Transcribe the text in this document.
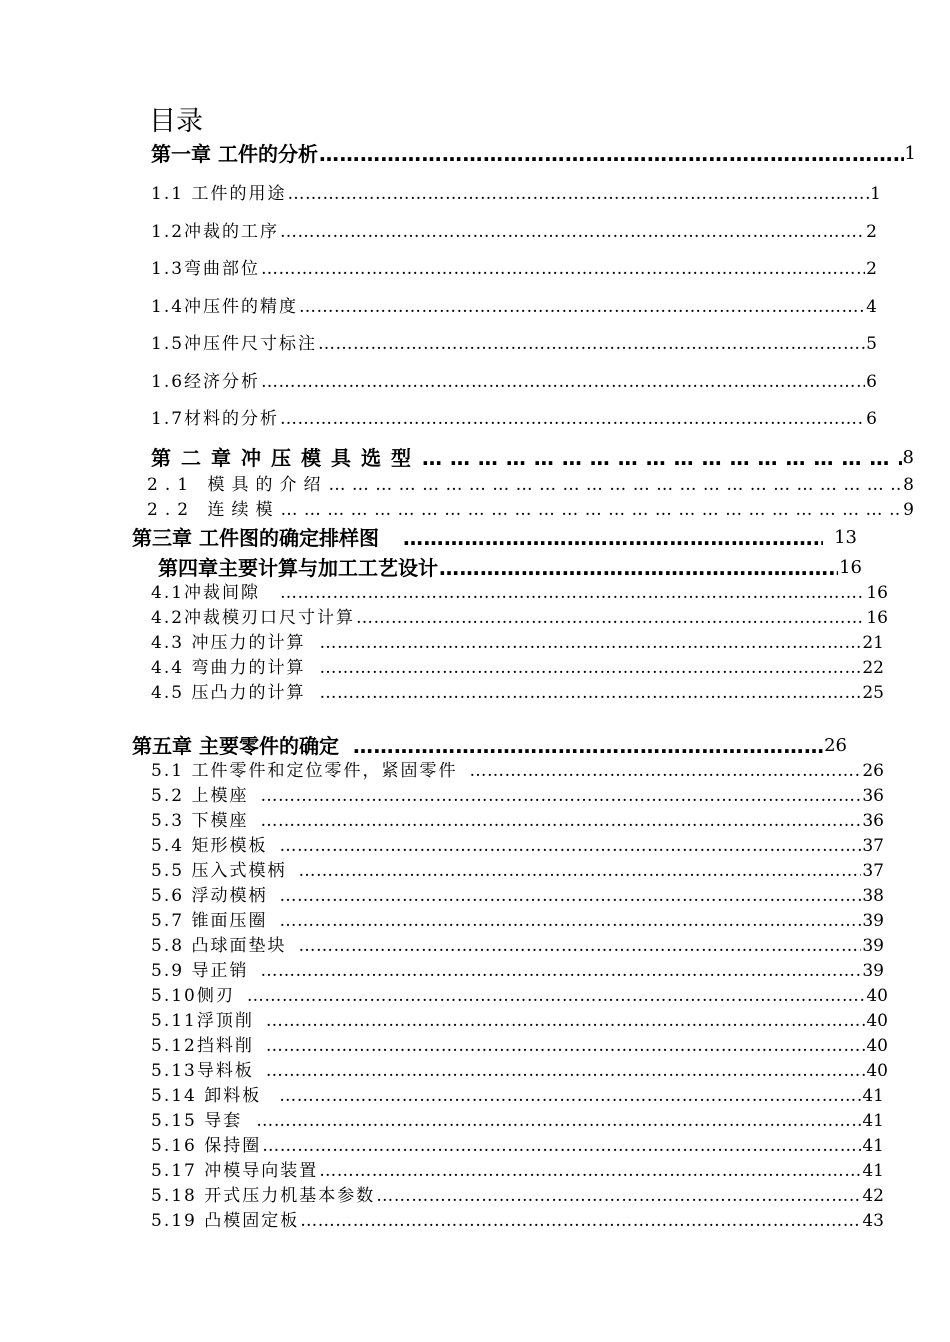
目录
第一章 工件的分析 ……………………………………………………………………………………………………………………………………………………………………………………………………………………	1
1.1 工件的用途 ……………………………………………………………………………………………………………………………………………………………………………………………………………………	1
1.2冲裁的工序 ……………………………………………………………………………………………………………………………………………………………………………………………………………………	2
1.3弯曲部位 ……………………………………………………………………………………………………………………………………………………………………………………………………………………	2
1.4冲压件的精度 ……………………………………………………………………………………………………………………………………………………………………………………………………………………	4
1.5冲压件尺寸标注 ……………………………………………………………………………………………………………………………………………………………………………………………………………………	5
1.6经济分析 ……………………………………………………………………………………………………………………………………………………………………………………………………………………	6
1.7材料的分析 ……………………………………………………………………………………………………………………………………………………………………………………………………………………	6
第二章冲压模具选型 … … … … … … … … … … … … … … … … … … … … … … … … … … … … … … … … … … … … … … … …	8
2.1 模具的介绍 … … … … … … … … … … … … … … … … … … … … … … … … … … … … … … … … … … … … … … … …	8
2.2 连续模 … … … … … … … … … … … … … … … … … … … … … … … … … … … … … … … … … … … … … … … …	9
第三章 工件图的确定排样图 ……………………………………………………………………………………………………………………………………………………………………………………………………………………	13
第四章主要计算与加工工艺设计 ……………………………………………………………………………………………………………………………………………………………………………………………………………………	16
4.1冲裁间隙 ……………………………………………………………………………………………………………………………………………………………………………………………………………………	16
4.2冲裁模刃口尺寸计算 ……………………………………………………………………………………………………………………………………………………………………………………………………………………	16
4.3 冲压力的计算 ……………………………………………………………………………………………………………………………………………………………………………………………………………………	21
4.4 弯曲力的计算 ……………………………………………………………………………………………………………………………………………………………………………………………………………………	22
4.5 压凸力的计算 ……………………………………………………………………………………………………………………………………………………………………………………………………………………	25
第五章 主要零件的确定 ……………………………………………………………………………………………………………………………………………………………………………………………………………………	26
5.1 工件零件和定位零件，紧固零件 ……………………………………………………………………………………………………………………………………………………………………………………………………………………	26
5.2 上模座 ……………………………………………………………………………………………………………………………………………………………………………………………………………………	36
5.3 下模座 ……………………………………………………………………………………………………………………………………………………………………………………………………………………	36
5.4 矩形模板 ……………………………………………………………………………………………………………………………………………………………………………………………………………………	37
5.5 压入式模柄 ……………………………………………………………………………………………………………………………………………………………………………………………………………………	37
5.6 浮动模柄 ……………………………………………………………………………………………………………………………………………………………………………………………………………………	38
5.7 锥面压圈 ……………………………………………………………………………………………………………………………………………………………………………………………………………………	39
5.8 凸球面垫块 ……………………………………………………………………………………………………………………………………………………………………………………………………………………	39
5.9 导正销 ……………………………………………………………………………………………………………………………………………………………………………………………………………………	39
5.10侧刃 ……………………………………………………………………………………………………………………………………………………………………………………………………………………	40
5.11浮顶削 ……………………………………………………………………………………………………………………………………………………………………………………………………………………	40
5.12挡料削 ……………………………………………………………………………………………………………………………………………………………………………………………………………………	40
5.13导料板 ……………………………………………………………………………………………………………………………………………………………………………………………………………………	40
5.14 卸料板 ……………………………………………………………………………………………………………………………………………………………………………………………………………………	41
5.15 导套 ……………………………………………………………………………………………………………………………………………………………………………………………………………………	41
5.16 保持圈 ……………………………………………………………………………………………………………………………………………………………………………………………………………………	41
5.17 冲模导向装置 ……………………………………………………………………………………………………………………………………………………………………………………………………………………	41
5.18 开式压力机基本参数 ……………………………………………………………………………………………………………………………………………………………………………………………………………………	42
5.19 凸模固定板 ……………………………………………………………………………………………………………………………………………………………………………………………………………………	43
